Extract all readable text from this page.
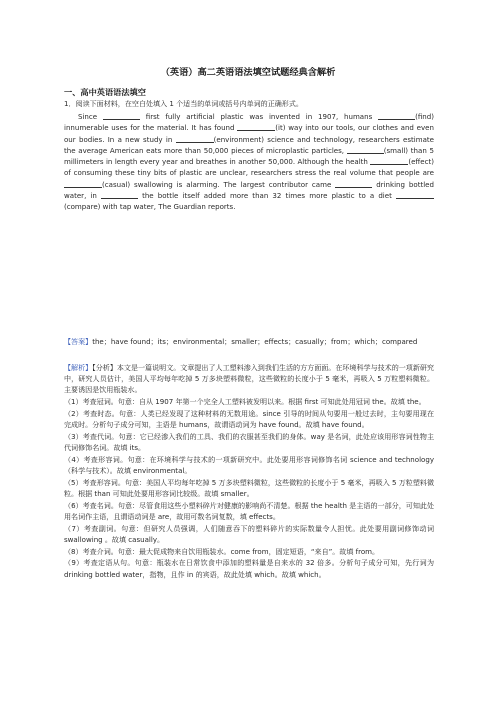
（英语）高二英语语法填空试题经典含解析
一、高中英语语法填空

1．阅读下面材料，在空白处填入 1 个适当的单词或括号内单词的正确形式。

Since	first fully artificial plastic was invented in 1907, humans	(find) innumerable uses for the material. It has found	(it) way into our tools, our clothes and even our bodies. In a new study in	(environment) science and technology, researchers estimate the average American eats more than 50,000 pieces of microplastic particles,	(small) than 5 millimeters in length every year and breathes in another 50,000. Although the health	(effect) of consuming these tiny bits of plastic are unclear, researchers stress the real volume that people are (casual) swallowing is alarming. The largest contributor came	drinking bottled water, in	the bottle itself added more than 32 times more plastic to a diet (compare) with tap water, The Guardian reports.

【答案】the；have found；its；environmental；smaller；effects；casually；from；which；compared

【解析】【分析】本文是一篇说明文。文章提出了人工塑料渗入到我们生活的方方面面。在环境科学与技术的一项新研究中，研究人员估计，美国人平均每年吃掉 5 万多块塑料微粒，这些微粒的长度小于 5 毫米，再吸入 5 万粒塑料微粒。主要诱因是饮用瓶装水。

（1）考查冠词。句意：自从 1907 年第一个完全人工塑料被发明以来。根据 first 可知此处用冠词 the。故填 the。

（2）考查时态。句意：人类已经发现了这种材料的无数用途。since 引导的时间从句要用一般过去时，主句要用现在完成时。分析句子成分可知，主语是 humans，故谓语动词为 have found。故填 have found。

（3）考查代词。句意：它已经渗入我们的工具、我们的衣服甚至我们的身体。way 是名词，此处应该用形容词性物主代词修饰名词。故填 its。

（4）考查形容词。句意：在环境科学与技术的一项新研究中。此处要用形容词修饰名词 science and technology（科学与技术）。故填 environmental。

（5）考查形容词。句意：美国人平均每年吃掉 5 万多块塑料微粒，这些微粒的长度小于 5 毫米，再吸入 5 万粒塑料微粒。根据 than 可知此处要用形容词比较级。故填 smaller。

（6）考查名词。句意：尽管食用这些小塑料碎片对健康的影响尚不清楚。根据 the health 是主语的一部分，可知此处用名词作主语，且谓语动词是 are，故用可数名词复数，填 effects。

（7）考查副词。句意：但研究人员强调，人们随意吞下的塑料碎片的实际数量令人担忧。此处要用副词修饰动词 swallowing 。故填 casually。

（8）考查介词。句意：最大促成物来自饮用瓶装水。come from，固定短语，“来自”。故填 from。

（9）考查定语从句。句意：瓶装水在日常饮食中添加的塑料量是自来水的 32 倍多。分析句子成分可知，先行词为 drinking bottled water，指物，且作 in 的宾语，故此处填 which。故填 which。
